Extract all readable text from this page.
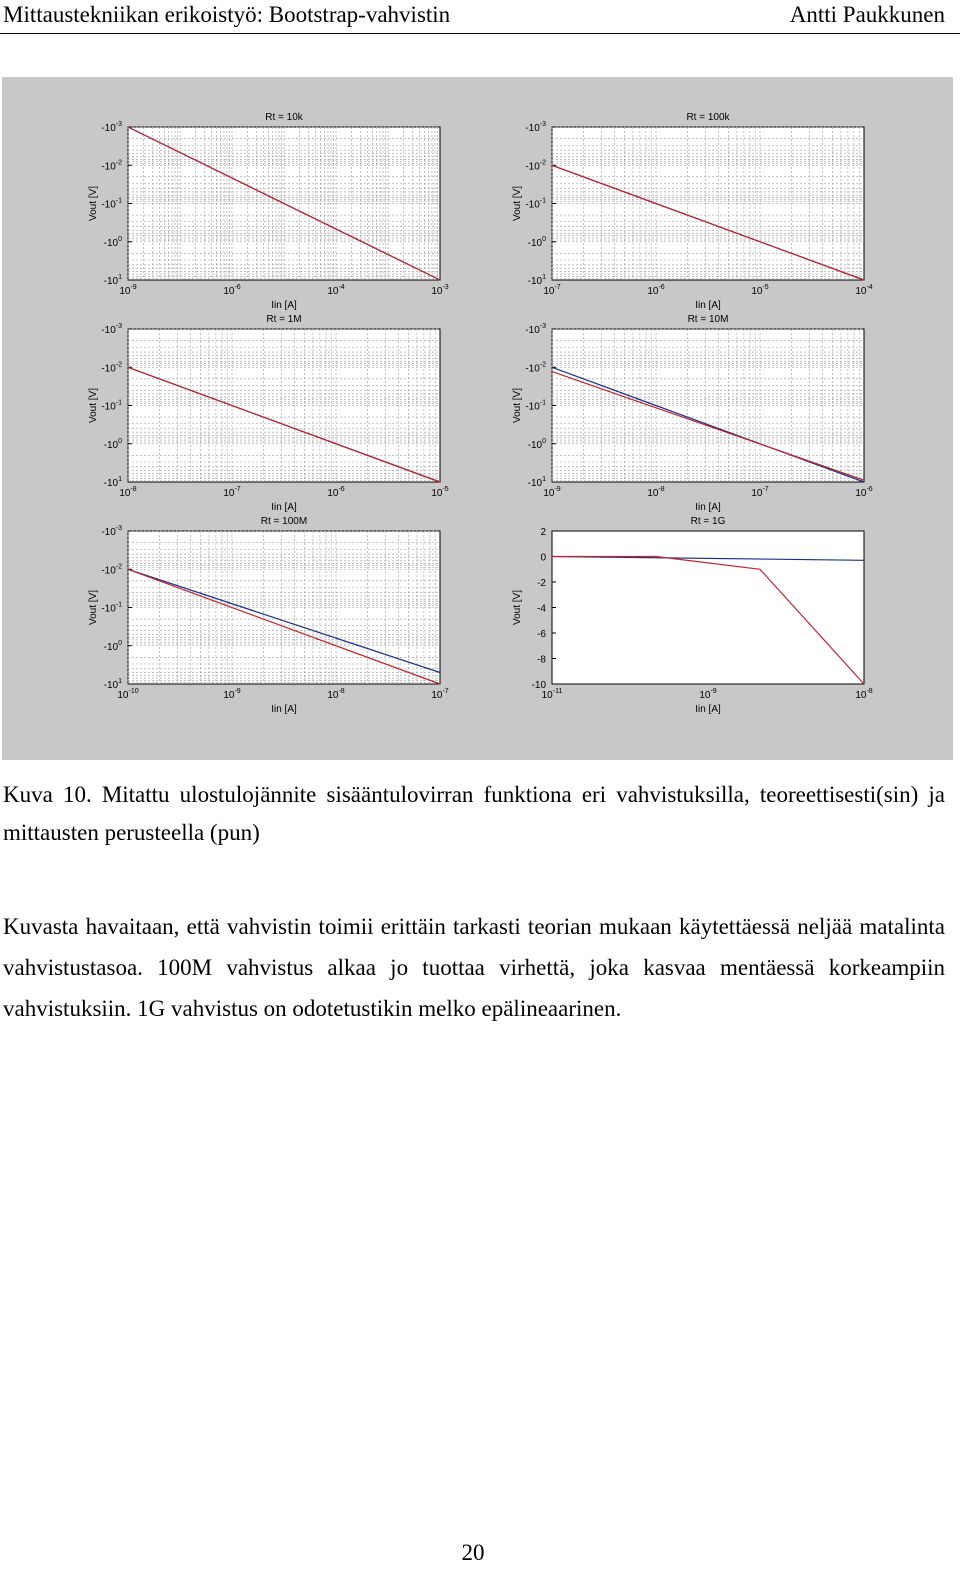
Mittaustekniikan erikoistyö: Bootstrap-vahvistin	Antti Paukkunen
$-10^{-3}$
$-10^{-2}$
$-10^{-1}$
$-10^0$
$-10^1$
$10^{-9}$	$10^{-6}$	$10^{-4}$	$10^{-3}$
Rt = 10k
Iin [A]
Vout [V]
$-10^{-3}$
$-10^{-2}$
$-10^{-1}$
$-10^0$
$-10^1$
$10^{-7}$	$10^{-6}$	$10^{-5}$	$10^{-4}$
Rt = 100k
Iin [A]
Vout [V]
$-10^{-3}$
$-10^{-2}$
$-10^{-1}$
$-10^0$
$-10^1$
$10^{-8}$	$10^{-7}$	$10^{-6}$	$10^{-5}$
Rt = 1M
Iin [A]
Vout [V]
$-10^{-3}$
$-10^{-2}$
$-10^{-1}$
$-10^0$
$-10^1$
$10^{-9}$	$10^{-8}$	$10^{-7}$	$10^{-6}$
Rt = 10M
Iin [A]
Vout [V]
$-10^{-3}$
$-10^{-2}$
$-10^{-1}$
$-10^0$
$-10^1$
$10^{-10}$	$10^{-9}$	$10^{-8}$	$10^{-7}$
Rt = 100M
Iin [A]
Vout [V]
2
0
-2
-4
-6
-8
-10
$10^{-11}$	$10^{-9}$	$10^{-8}$
Rt = 1G
Iin [A]
Vout [V]
Kuva 10. Mitattu ulostulojännite sisääntulovirran funktiona eri vahvistuksilla, teoreettisesti(sin) ja mittausten perusteella (pun)
Kuvasta havaitaan, että vahvistin toimii erittäin tarkasti teorian mukaan käytettäessä neljää matalinta vahvistustasoa. 100M vahvistus alkaa jo tuottaa virhettä, joka kasvaa mentäessä korkeampiin vahvistuksiin. 1G vahvistus on odotetustikin melko epälineaarinen.
20
